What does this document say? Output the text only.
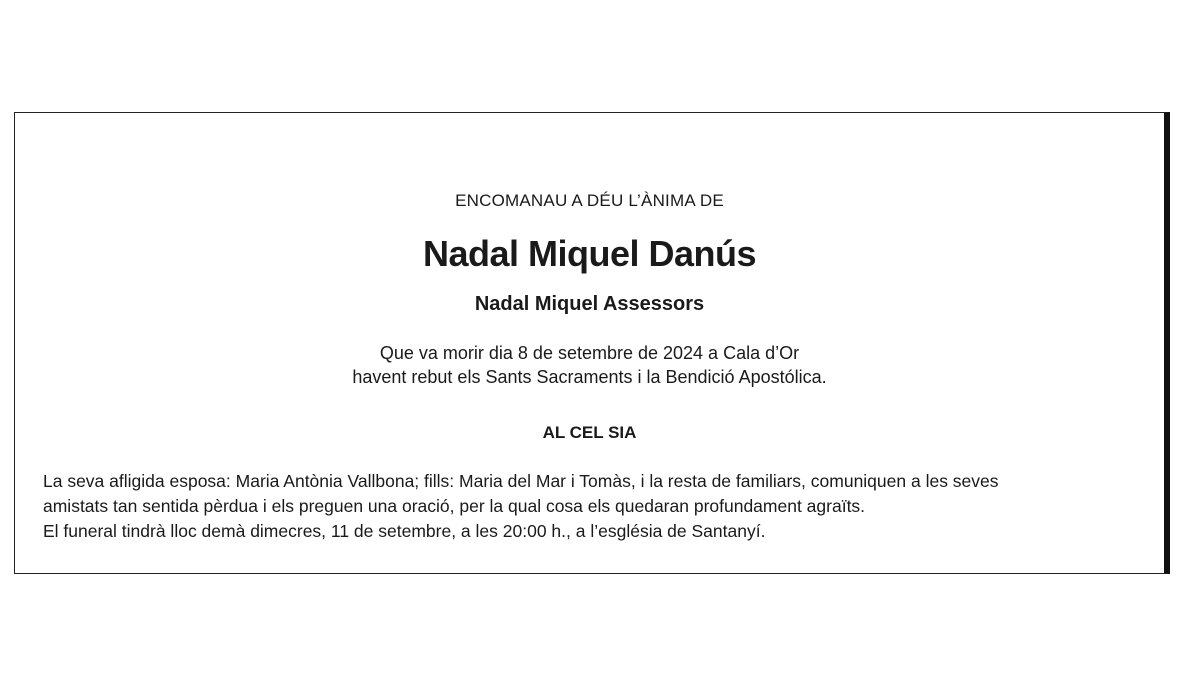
ENCOMANAU A DÉU L’ÀNIMA DE
Nadal Miquel Danús
Nadal Miquel Assessors
Que va morir dia 8 de setembre de 2024 a Cala d’Or
havent rebut els Sants Sacraments i la Bendició Apostólica.
AL CEL SIA
La seva afligida esposa: Maria Antònia Vallbona; fills: Maria del Mar i Tomàs, i la resta de familiars, comuniquen a les seves
amistats tan sentida pèrdua i els preguen una oració, per la qual cosa els quedaran profundament agraïts.
El funeral tindrà lloc demà dimecres, 11 de setembre, a les 20:00 h., a l’església de Santanyí.
